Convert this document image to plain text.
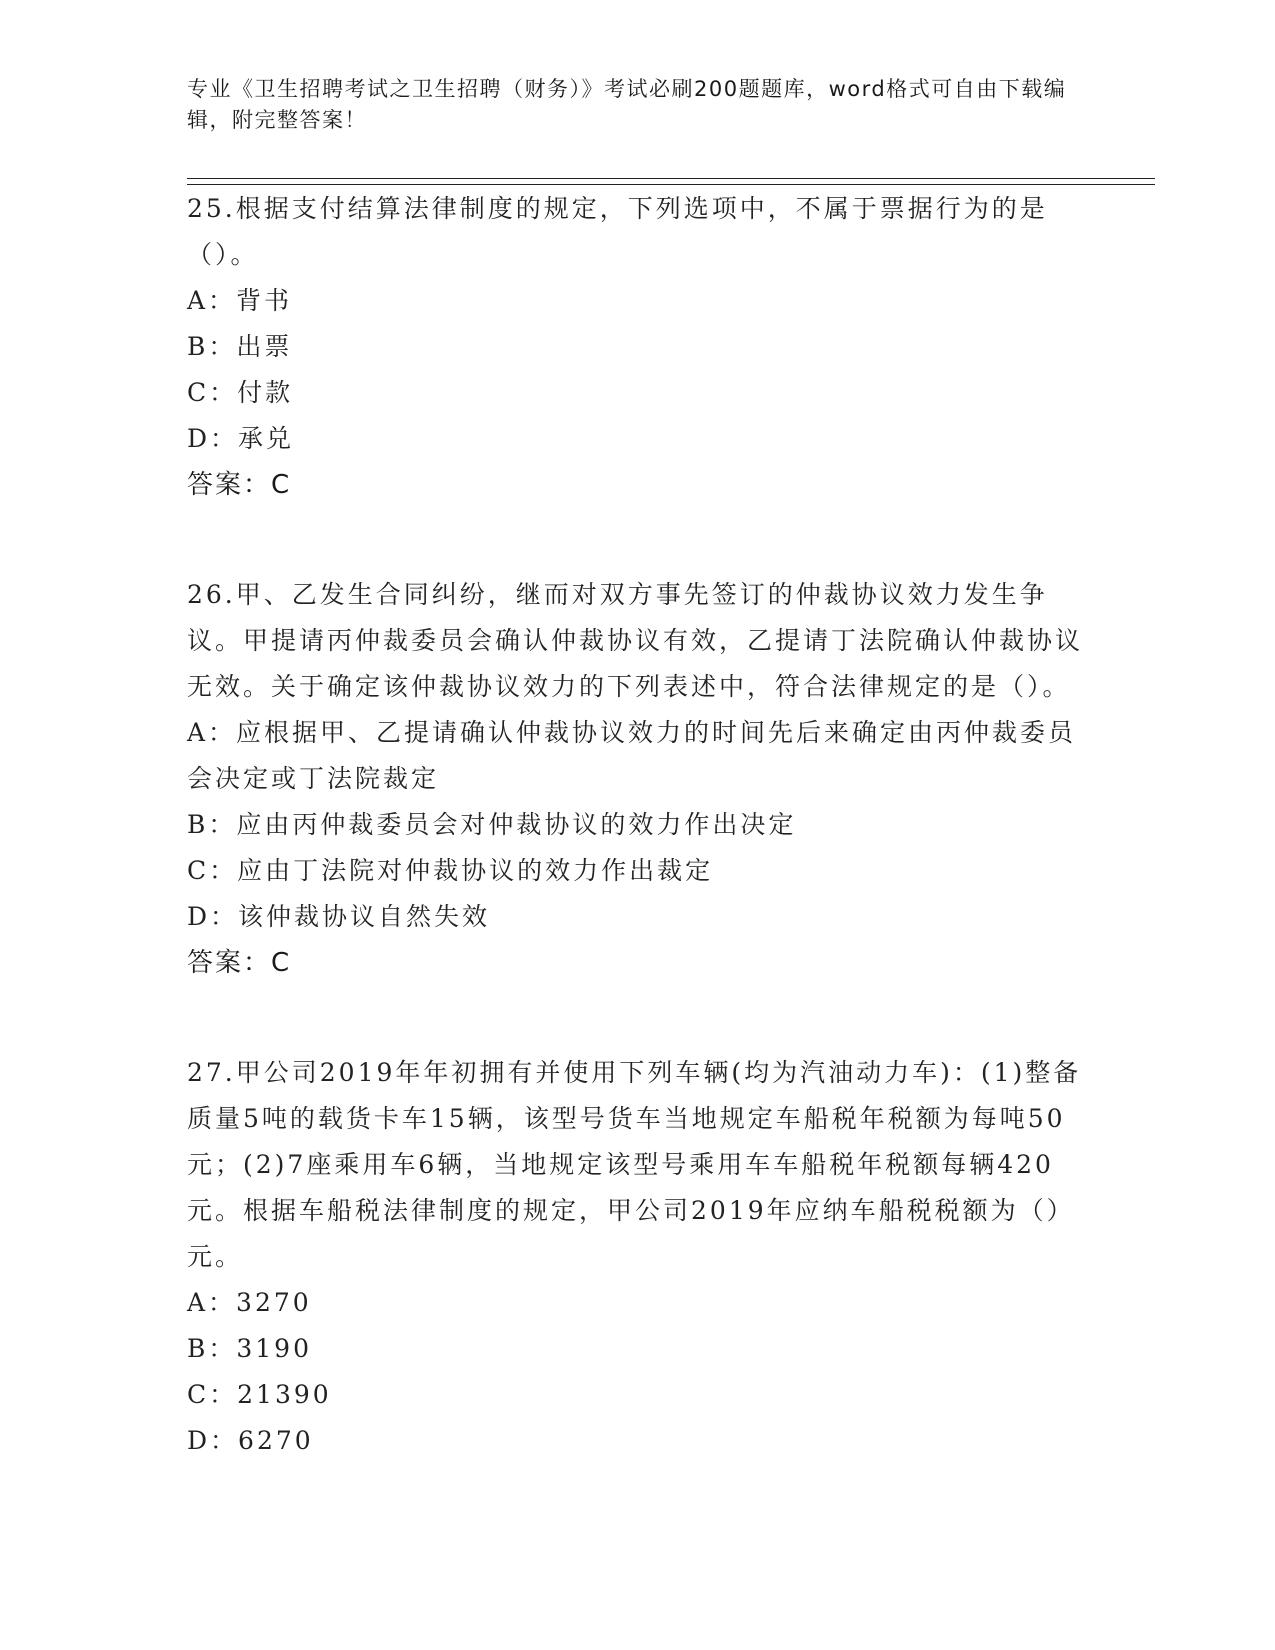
专业《卫生招聘考试之卫生招聘（财务）》考试必刷200题题库，word格式可自由下载编辑，附完整答案！
25.根据支付结算法律制度的规定，下列选项中，不属于票据行为的是（）。
A：背书
B：出票
C：付款
D：承兑
答案：C
26.甲、乙发生合同纠纷，继而对双方事先签订的仲裁协议效力发生争议。甲提请丙仲裁委员会确认仲裁协议有效，乙提请丁法院确认仲裁协议无效。关于确定该仲裁协议效力的下列表述中，符合法律规定的是（）。
A：应根据甲、乙提请确认仲裁协议效力的时间先后来确定由丙仲裁委员会决定或丁法院裁定
B：应由丙仲裁委员会对仲裁协议的效力作出决定
C：应由丁法院对仲裁协议的效力作出裁定
D：该仲裁协议自然失效
答案：C
27.甲公司2019年年初拥有并使用下列车辆(均为汽油动力车)：(1)整备质量5吨的载货卡车15辆，该型号货车当地规定车船税年税额为每吨50元；(2)7座乘用车6辆，当地规定该型号乘用车车船税年税额每辆420元。根据车船税法律制度的规定，甲公司2019年应纳车船税税额为（）元。
A：3270
B：3190
C：21390
D：6270
